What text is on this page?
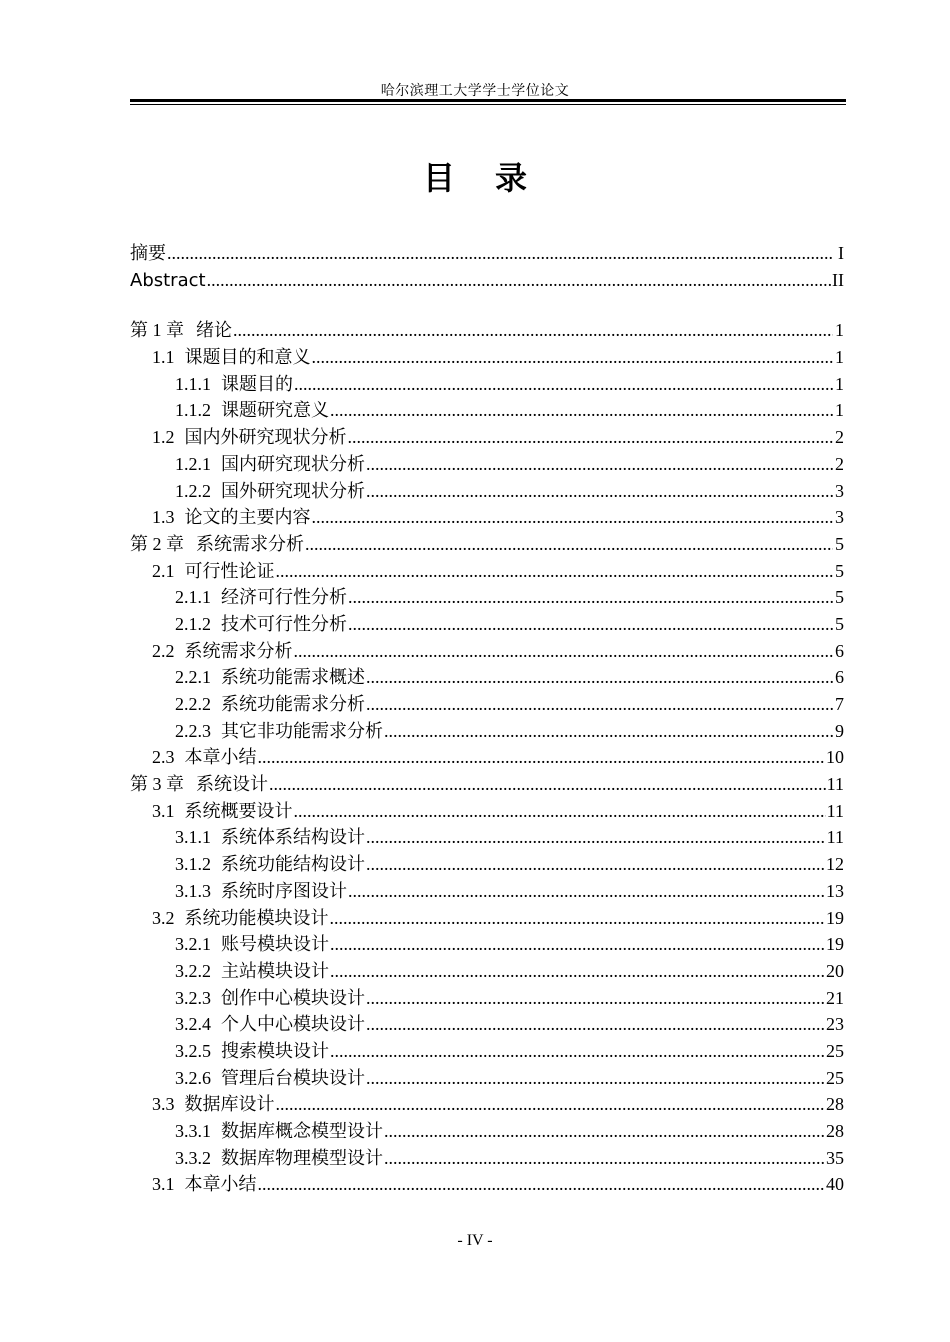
哈尔滨理工大学学士学位论文
目录
摘要 .....	I
Abstract .....	II
第 1 章 绪论 .....	1
1.1 课题目的和意义 .....	1
1.1.1 课题目的 .....	1
1.1.2 课题研究意义 .....	1
1.2 国内外研究现状分析 .....	2
1.2.1 国内研究现状分析 .....	2
1.2.2 国外研究现状分析 .....	3
1.3 论文的主要内容 .....	3
第 2 章 系统需求分析 .....	5
2.1 可行性论证 .....	5
2.1.1 经济可行性分析 .....	5
2.1.2 技术可行性分析 .....	5
2.2 系统需求分析 .....	6
2.2.1 系统功能需求概述 .....	6
2.2.2 系统功能需求分析 .....	7
2.2.3 其它非功能需求分析 .....	9
2.3 本章小结 .....	10
第 3 章 系统设计 .....	11
3.1 系统概要设计 .....	11
3.1.1 系统体系结构设计 .....	11
3.1.2 系统功能结构设计 .....	12
3.1.3 系统时序图设计 .....	13
3.2 系统功能模块设计 .....	19
3.2.1 账号模块设计 .....	19
3.2.2 主站模块设计 .....	20
3.2.3 创作中心模块设计 .....	21
3.2.4 个人中心模块设计 .....	23
3.2.5 搜索模块设计 .....	25
3.2.6 管理后台模块设计 .....	25
3.3 数据库设计 .....	28
3.3.1 数据库概念模型设计 .....	28
3.3.2 数据库物理模型设计 .....	35
3.1 本章小结 .....	40
- IV -
